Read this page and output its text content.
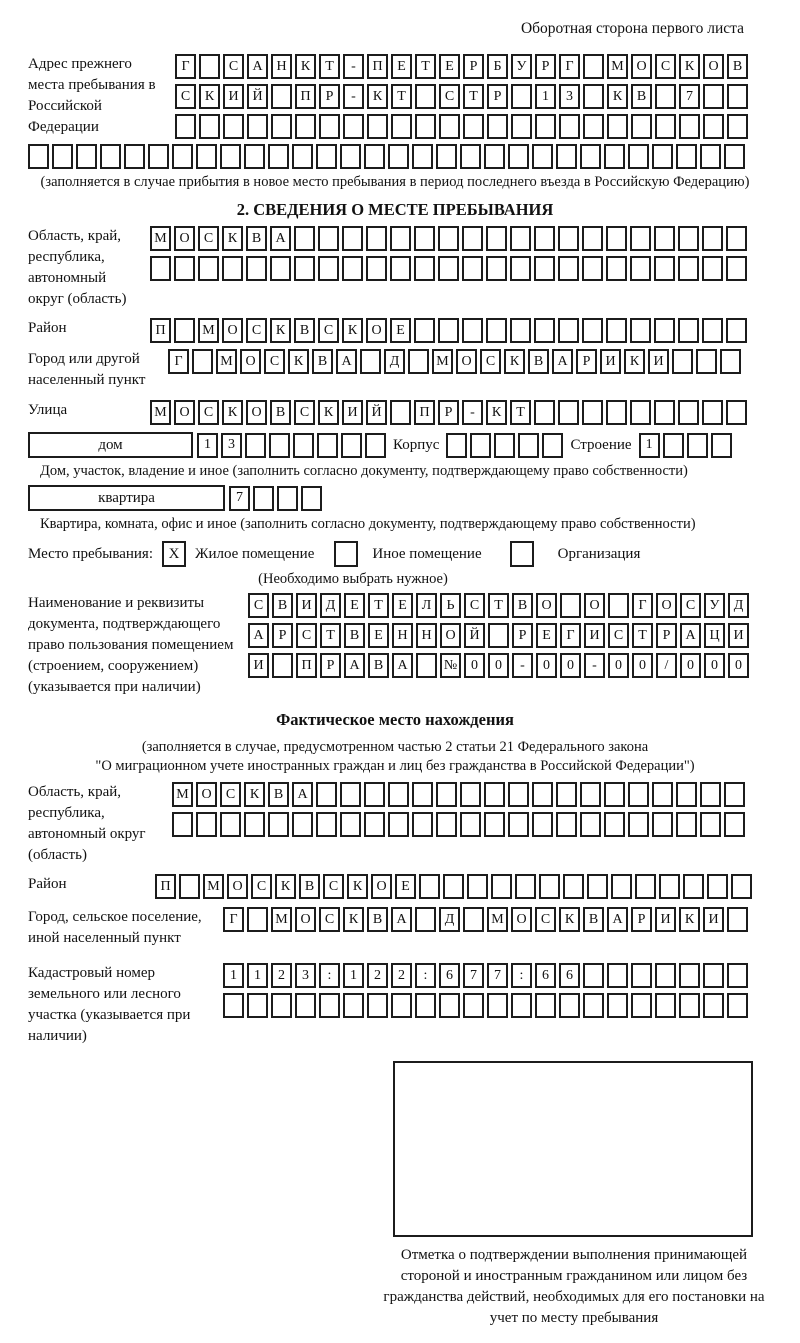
Оборотная сторона первого листа
Адрес прежнего места пребывания в Российской Федерации
Г	С	А Н	К	Т	-	П	Е	Т	Е	Р	Б	У	Р	Г	М О	С	К	О	В
С	К	И Й	П	Р	-	К	Т	С	Т	Р	1	3	К	В	7
(заполняется в случае прибытия в новое место пребывания в период последнего въезда в Российскую Федерацию)
2. СВЕДЕНИЯ О МЕСТЕ ПРЕБЫВАНИЯ
Область, край, республика, автономный округ (область)
М О	С	К	В	А
Район	П	М О	С	К	В	С	К	О	Е
Город или другой населенный пункт
Г	М О	С	К	В	А	Д	М О	С	К	В	А	Р	И	К	И
Улица	М О	С	К	О	В	С	К	И Й	П	Р	-	К	Т
дом	1	3	Корпус	Строение	1
Дом, участок, владение и иное (заполнить согласно документу, подтверждающему право собственности)
квартира	7
Квартира, комната, офис и иное (заполнить согласно документу, подтверждающему право собственности)
Место пребывания:	X	Жилое помещение	Иное помещение	Организация
(Необходимо выбрать нужное)
Наименование и реквизиты документа, подтверждающего право пользования помещением (строением, сооружением) (указывается при наличии)
С	В	И	Д	Е	Т	Е	Л	Ь	С	Т	В	О	О	Г	О	С	У	Д
А	Р	С	Т	В	Е	Н Н О Й	Р	Е	Г	И	С	Т	Р	А Ц И
И	П	Р	А	В	А	№ 0	0	-	0	0	-	0	0	/	0	0	0
Фактическое место нахождения
(заполняется в случае, предусмотренном частью 2 статьи 21 Федерального закона
"О миграционном учете иностранных граждан и лиц без гражданства в Российской Федерации")
Область, край, республика, автономный округ (область)
М О	С	К	В	А
Район	П	М О	С	К	В	С	К	О	Е
Город, сельское поселение, иной населенный пункт
Г	М О	С	К	В	А	Д	М О	С	К	В	А	Р	И	К	И
Кадастровый номер земельного или лесного участка (указывается при наличии)
1	1	2	3	:	1	2	2	:	6	7	7	:	6	6
Отметка о подтверждении выполнения принимающей стороной и иностранным гражданином или лицом без гражданства действий, необходимых для его постановки на учет по месту пребывания
